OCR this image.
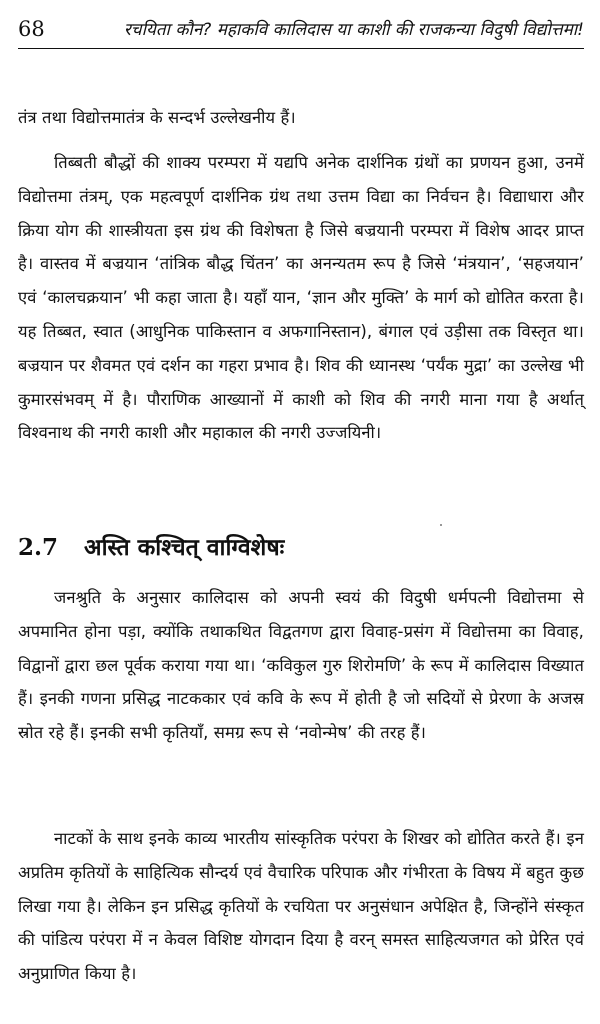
68	रचयिता कौन? महाकवि कालिदास या काशी की राजकन्या विदुषी विद्योत्तमा!

तंत्र तथा विद्योत्तमातंत्र के सन्दर्भ उल्लेखनीय हैं।

तिब्बती बौद्धों की शाक्य परम्परा में यद्यपि अनेक दार्शनिक ग्रंथों का प्रणयन हुआ, उनमें विद्योत्तमा तंत्रम्, एक महत्वपूर्ण दार्शनिक ग्रंथ तथा उत्तम विद्या का निर्वचन है। विद्याधारा और क्रिया योग की शास्त्रीयता इस ग्रंथ की विशेषता है जिसे बज्रयानी परम्परा में विशेष आदर प्राप्त है। वास्तव में बज्रयान ‘तांत्रिक बौद्ध चिंतन’ का अनन्यतम रूप है जिसे ‘मंत्रयान’, ‘सहजयान’ एवं ‘कालचक्रयान’ भी कहा जाता है। यहाँ यान, ‘ज्ञान और मुक्ति’ के मार्ग को द्योतित करता है। यह तिब्बत, स्वात (आधुनिक पाकिस्तान व अफगानिस्तान), बंगाल एवं उड़ीसा तक विस्तृत था। बज्रयान पर शैवमत एवं दर्शन का गहरा प्रभाव है। शिव की ध्यानस्थ ‘पर्यंक मुद्रा’ का उल्लेख भी कुमारसंभवम् में है। पौराणिक आख्यानों में काशी को शिव की नगरी माना गया है अर्थात् विश्वनाथ की नगरी काशी और महाकाल की नगरी उज्जयिनी।

2.7 अस्ति कश्चित् वाग्विशेषः

जनश्रुति के अनुसार कालिदास को अपनी स्वयं की विदुषी धर्मपत्नी विद्योत्तमा से अपमानित होना पड़ा, क्योंकि तथाकथित विद्वतगण द्वारा विवाह-प्रसंग में विद्योत्तमा का विवाह, विद्वानों द्वारा छल पूर्वक कराया गया था। ‘कविकुल गुरु शिरोमणि’ के रूप में कालिदास विख्यात हैं। इनकी गणना प्रसिद्ध नाटककार एवं कवि के रूप में होती है जो सदियों से प्रेरणा के अजस्र स्रोत रहे हैं। इनकी सभी कृतियाँ, समग्र रूप से ‘नवोन्मेष’ की तरह हैं।

नाटकों के साथ इनके काव्य भारतीय सांस्कृतिक परंपरा के शिखर को द्योतित करते हैं। इन अप्रतिम कृतियों के साहित्यिक सौन्दर्य एवं वैचारिक परिपाक और गंभीरता के विषय में बहुत कुछ लिखा गया है। लेकिन इन प्रसिद्ध कृतियों के रचयिता पर अनुसंधान अपेक्षित है, जिन्होंने संस्कृत की पांडित्य परंपरा में न केवल विशिष्ट योगदान दिया है वरन् समस्त साहित्यजगत को प्रेरित एवं अनुप्राणित किया है।
